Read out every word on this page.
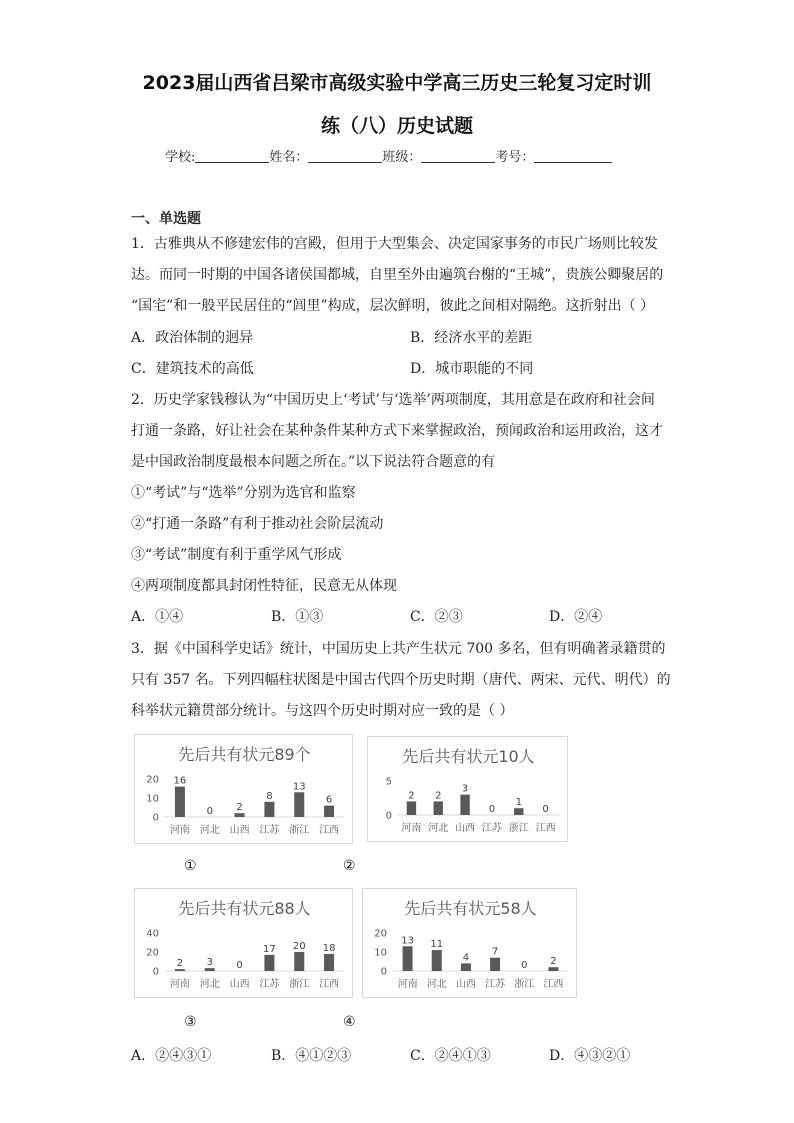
2023届山西省吕梁市高级实验中学高三历史三轮复习定时训
练（八）历史试题
学校:	姓名：	班级：	考号：
一、单选题
1．古雅典从不修建宏伟的宫殿，但用于大型集会、决定国家事务的市民广场则比较发
达。而同一时期的中国各诸侯国都城，自里至外由遍筑台榭的“王城”，贵族公卿聚居的
“国宅”和一般平民居住的“闾里”构成，层次鲜明，彼此之间相对隔绝。这折射出（ ）
A．政治体制的迥异	B．经济水平的差距
C．建筑技术的高低	D．城市职能的不同
2．历史学家钱穆认为“中国历史上‘考试’与‘选举’两项制度，其用意是在政府和社会间
打通一条路，好让社会在某种条件某种方式下来掌握政治，预闻政治和运用政治，这才
是中国政治制度最根本问题之所在。”以下说法符合题意的有
①“考试”与“选举”分别为选官和监察
②“打通一条路”有利于推动社会阶层流动
③“考试”制度有利于重学风气形成
④两项制度都具封闭性特征，民意无从体现
A．①④	B．①③	C．②③	D．②④
3．据《中国科学史话》统计，中国历史上共产生状元 700 多名，但有明确著录籍贯的
只有 357 名。下列四幅柱状图是中国古代四个历史时期（唐代、两宋、元代、明代）的
科举状元籍贯部分统计。与这四个历史时期对应一致的是（ ）
先后共有状元89个
0
10
20 16
河南
0
河北
2
山西
8
江苏
13
浙江
6
江西
先后共有状元10人
0
5
2
河南
2
河北
3
山西
0
江苏
1
浙江
0
江西
先后共有状元88人
0
20
40
2
河南
3
河北
0
山西
17
江苏
20
浙江
18
江西
先后共有状元58人
0
10
20
13
河南
11
河北
4
山西
7
江苏
0
浙江
2
江西
①	②
③	④
A．②④③①	B．④①②③	C．②④①③	D．④③②①
